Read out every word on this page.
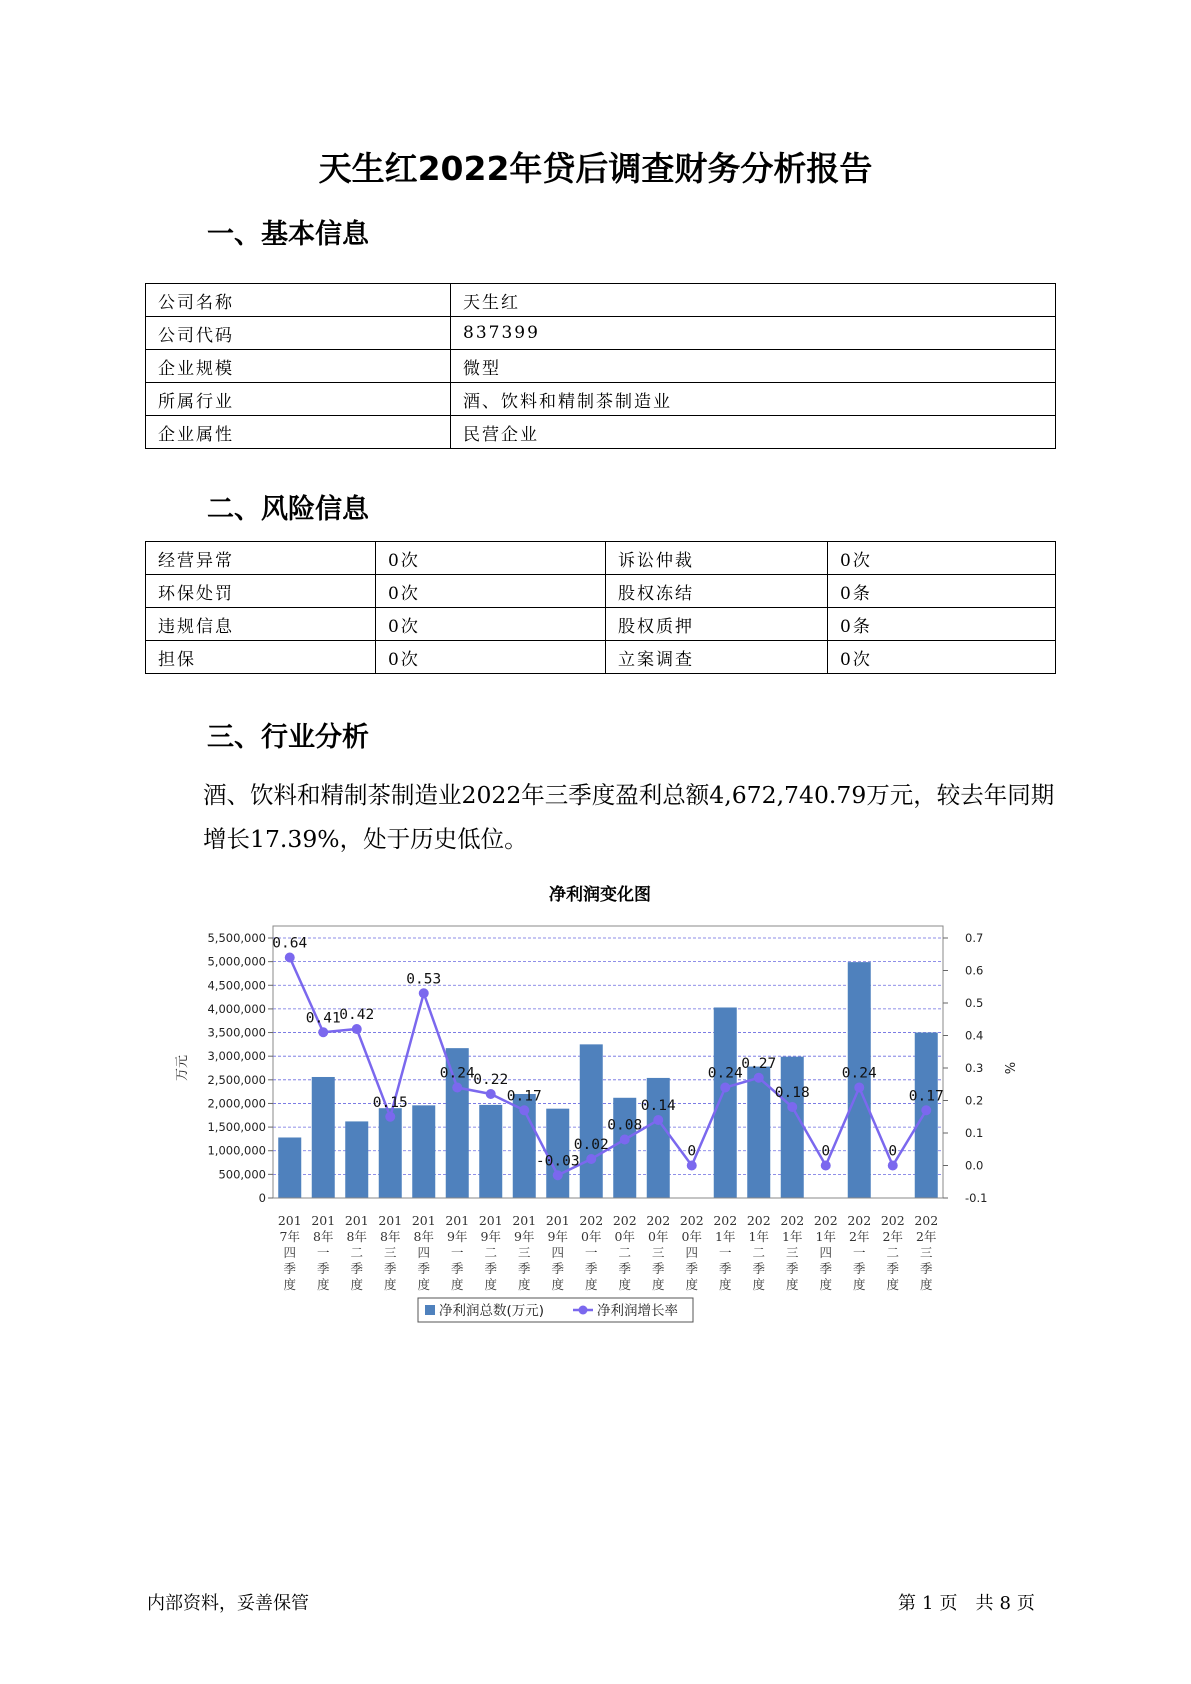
天生红2022年贷后调查财务分析报告
一、基本信息
公司名称	天生红
公司代码	837399
企业规模	微型
所属行业	酒、饮料和精制茶制造业
企业属性	民营企业
二、风险信息
经营异常	0次	诉讼仲裁	0次
环保处罚	0次	股权冻结	0条
违规信息	0次	股权质押	0条
担保	0次	立案调查	0次
三、行业分析
酒、饮料和精制茶制造业2022年三季度盈利总额4,672,740.79万元，较去年同期增长17.39%，处于历史低位。
净利润变化图
0.64
0.41
0.42
0.15
0.53
0.24
0.22
0.17
-0.03
0.02
0.08
0.14
0
0.24
0.27
0.18
0
0.24
0
0.17
5,500,000
5,000,000
4,500,000
4,000,000
3,500,000
3,000,000
2,500,000
2,000,000
1,500,000
1,000,000
500,000
0
0.7
0.6
0.5
0.4
0.3
0.2
0.1
0.0
-0.1
万元	%
201 7年四季度
201 8年一季度
201 8年二季度
201 8年三季度
201 8年四季度
201 9年一季度
201 9年二季度
201 9年三季度
201 9年四季度
202 0年一季度
202 0年二季度
202 0年三季度
202 0年四季度
202 1年一季度
202 1年二季度
202 1年三季度
202 1年四季度
202 2年一季度
202 2年二季度
202 2年三季度
净利润总数(万元)	净利润增长率
内部资料，妥善保管	第 1 页 共 8 页
